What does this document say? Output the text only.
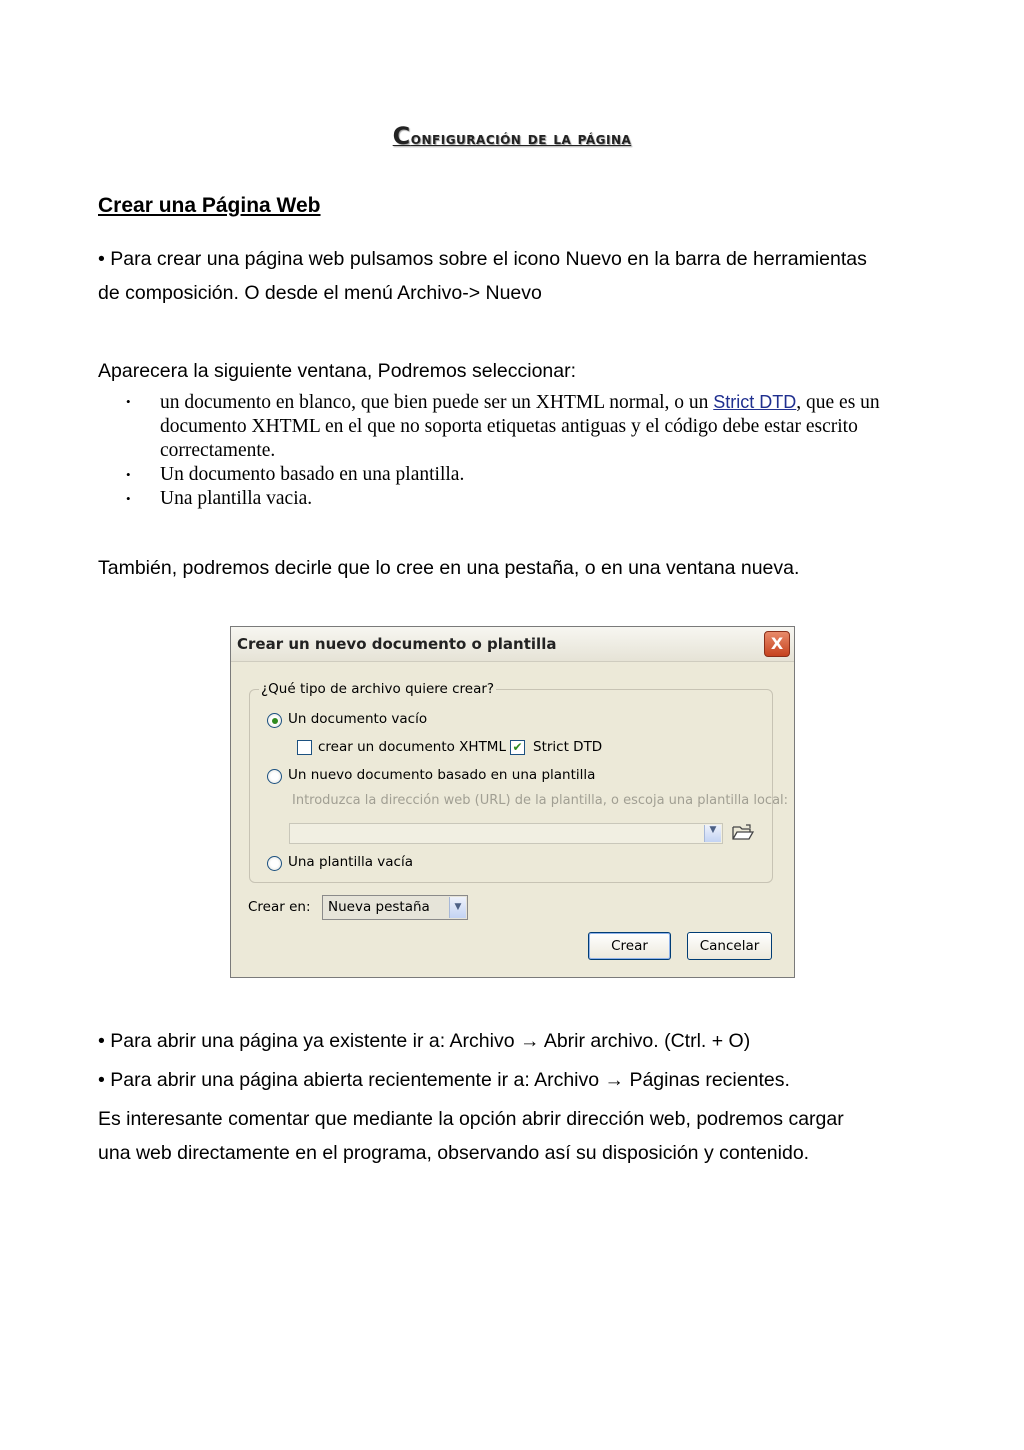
Configuración de la página
Crear una Página Web

• Para crear una página web pulsamos sobre el icono Nuevo en la barra de herramientas
de composición. O desde el menú Archivo-> Nuevo

Aparecera la siguiente ventana, Podremos seleccionar:

• un documento en blanco, que bien puede ser un XHTML normal, o un Strict DTD, que es un documento XHTML en el que no soporta etiquetas antiguas y el código debe estar escrito correctamente.
• Un documento basado en una plantilla.
• Una plantilla vacia.

También, podremos decirle que lo cree en una pestaña, o en una ventana nueva.

Crear un nuevo documento o plantilla	X
¿Qué tipo de archivo quiere crear?
Un documento vacío
crear un documento XHTML ✔ Strict DTD
Un nuevo documento basado en una plantilla
Introduzca la dirección web (URL) de la plantilla, o escoja una plantilla local:
▼
Una plantilla vacía
Crear en: Nueva pestaña	▼
Crear	Cancelar

• Para abrir una página ya existente ir a: Archivo → Abrir archivo. (Ctrl. + O)

• Para abrir una página abierta recientemente ir a: Archivo → Páginas recientes.

Es interesante comentar que mediante la opción abrir dirección web, podremos cargar
una web directamente en el programa, observando así su disposición y contenido.
